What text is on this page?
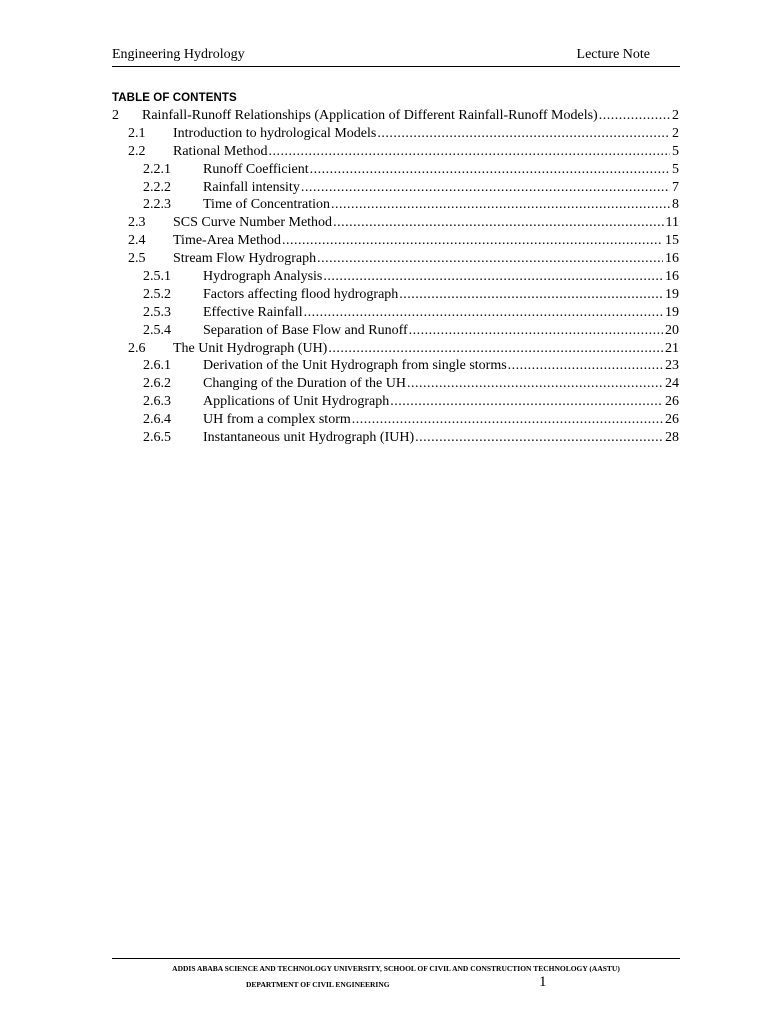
Engineering Hydrology	Lecture Note
TABLE OF CONTENTS
2	Rainfall-Runoff Relationships (Application of Different Rainfall-Runoff Models) .....	2
2.1	Introduction to hydrological Models .....	2
2.2	Rational Method .....	5
2.2.1	Runoff Coefficient .....	5
2.2.2	Rainfall intensity .....	7
2.2.3	Time of Concentration .....	8
2.3	SCS Curve Number Method .....	11
2.4	Time-Area Method .....	15
2.5	Stream Flow Hydrograph .....	16
2.5.1	Hydrograph Analysis .....	16
2.5.2	Factors affecting flood hydrograph .....	19
2.5.3	Effective Rainfall .....	19
2.5.4	Separation of Base Flow and Runoff .....	20
2.6	The Unit Hydrograph (UH) .....	21
2.6.1	Derivation of the Unit Hydrograph from single storms .....	23
2.6.2	Changing of the Duration of the UH .....	24
2.6.3	Applications of Unit Hydrograph .....	26
2.6.4	UH from a complex storm .....	26
2.6.5	Instantaneous unit Hydrograph (IUH) .....	28
ADDIS ABABA SCIENCE AND TECHNOLOGY UNIVERSITY, SCHOOL OF CIVIL AND CONSTRUCTION TECHNOLOGY (AASTU)
DEPARTMENT OF CIVIL ENGINEERING	1
